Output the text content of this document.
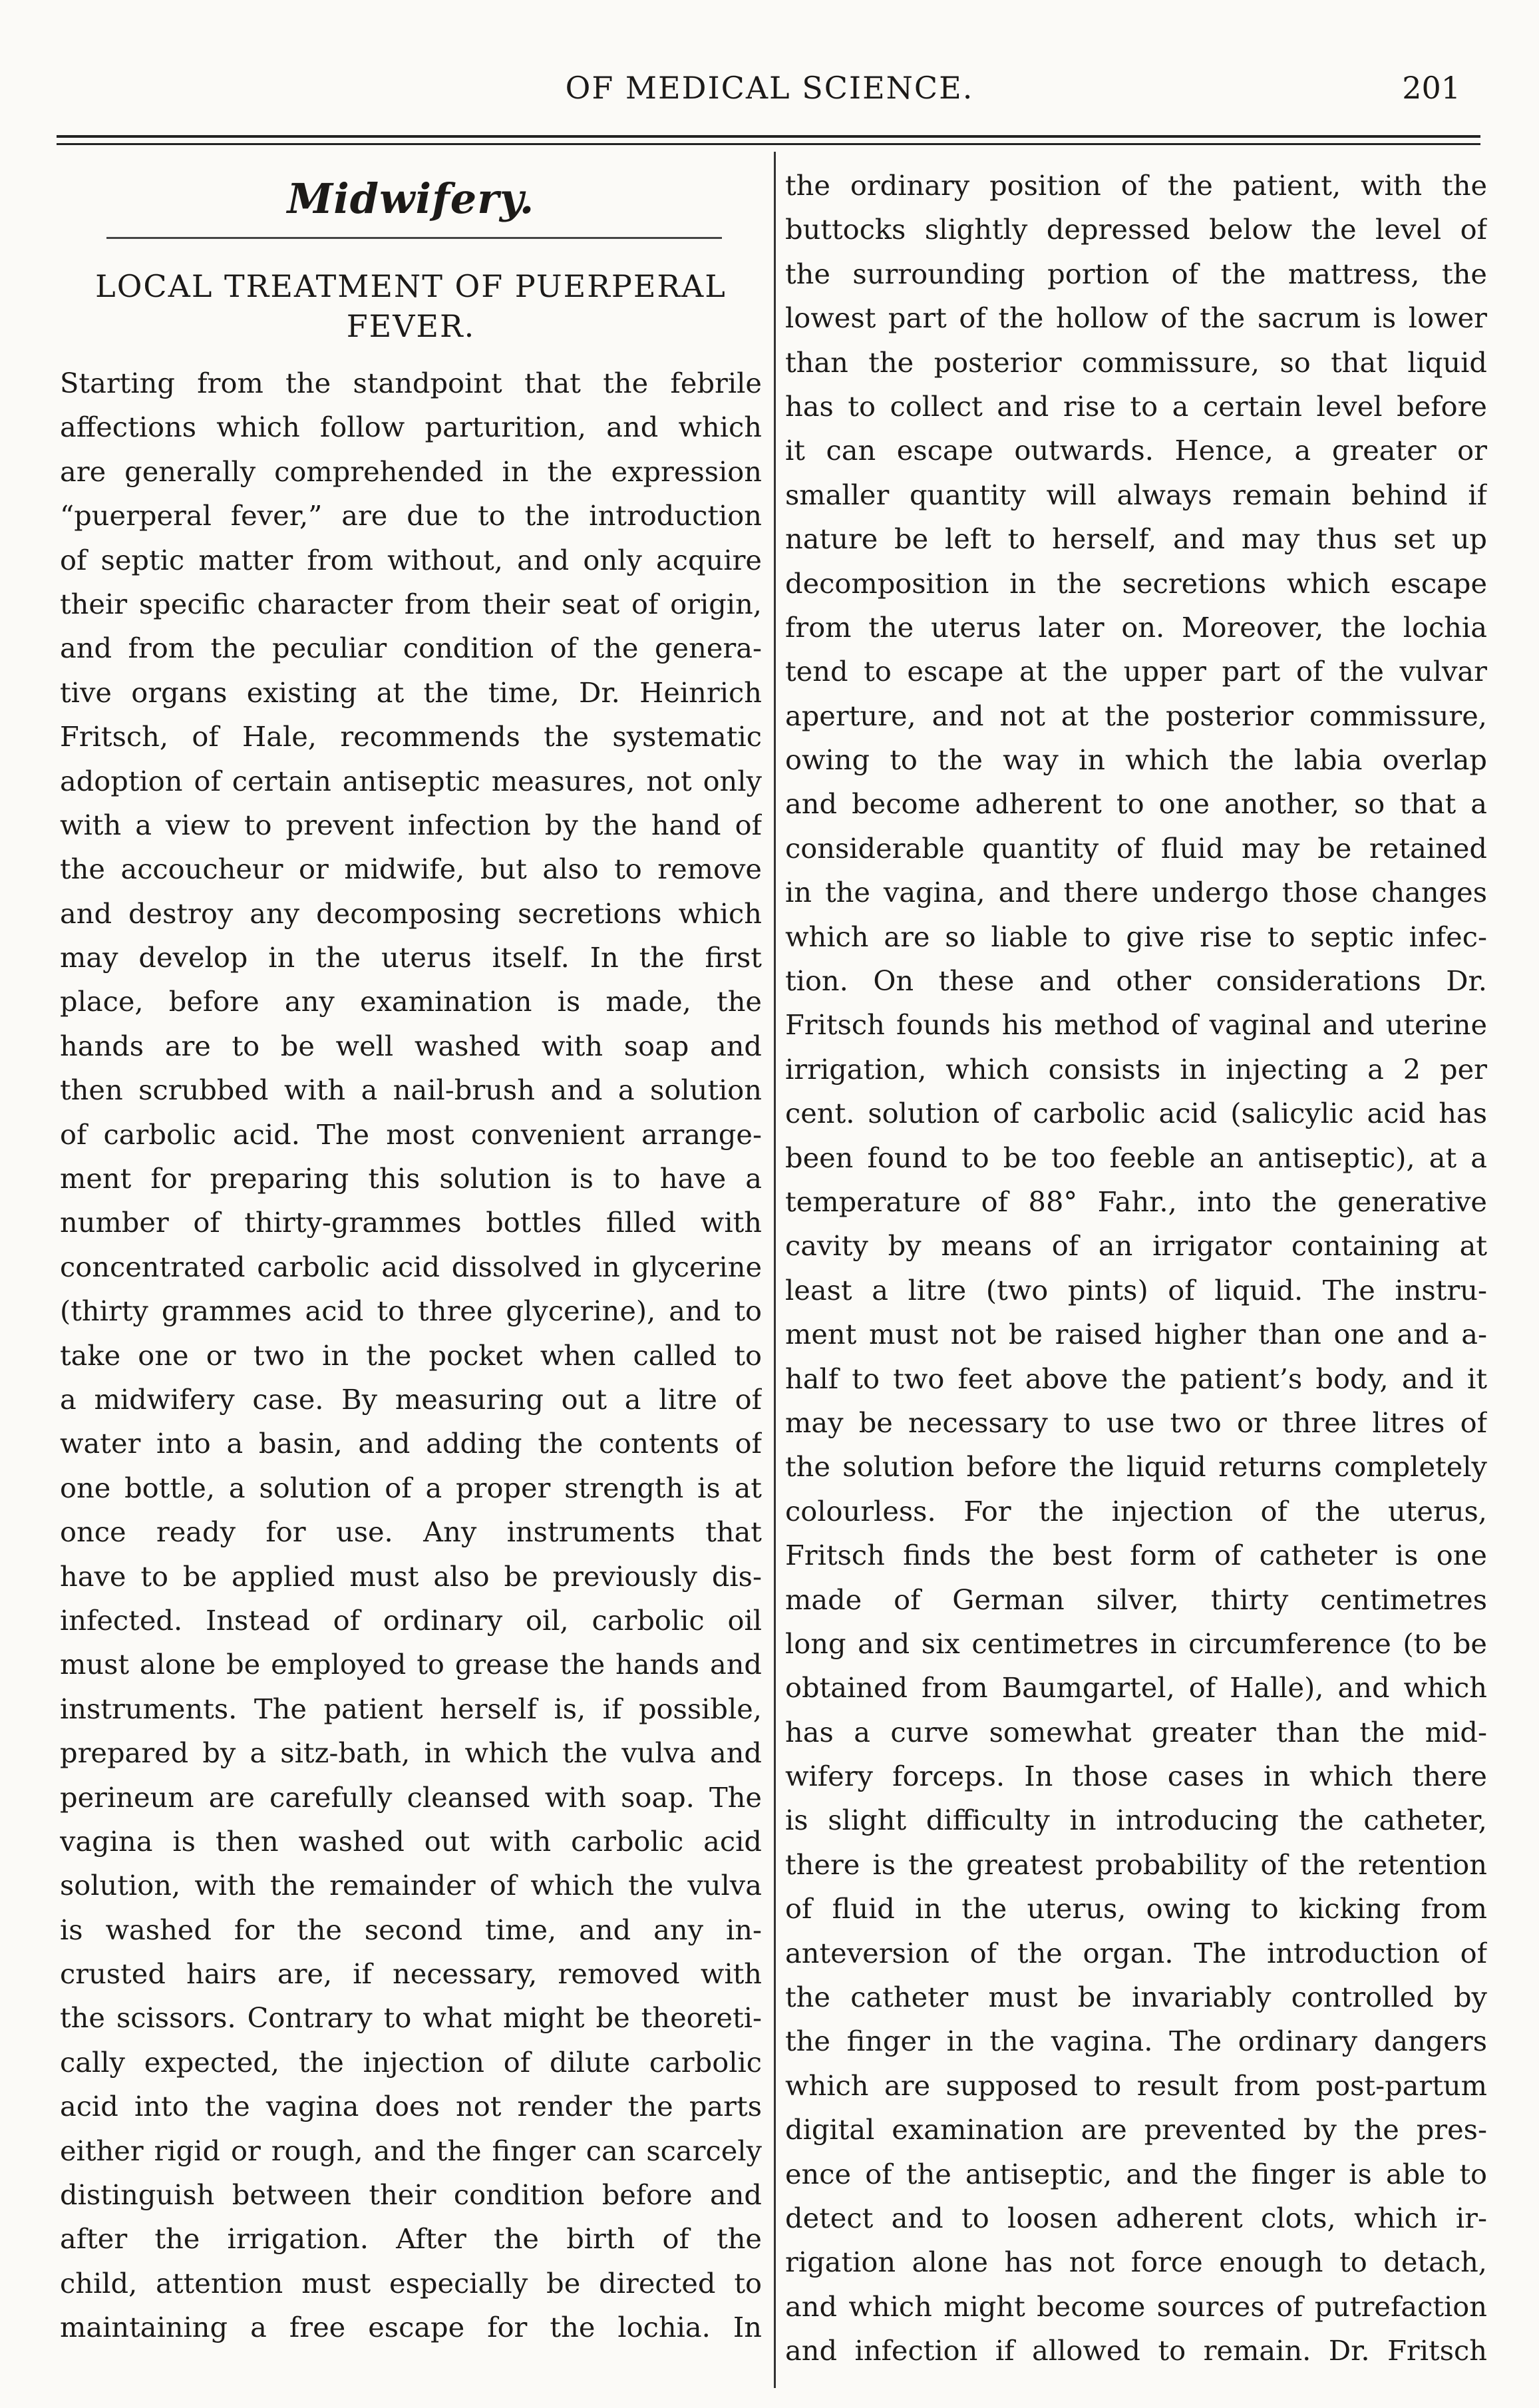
OF MEDICAL SCIENCE.	201
Midwifery.
LOCAL TREATMENT OF PUERPERAL
FEVER.
Starting from the standpoint that the febrile
affections which follow parturition, and which
are generally comprehended in the expression
“puerperal fever,” are due to the introduction
of septic matter from without, and only acquire
their specific character from their seat of origin,
and from the peculiar condition of the genera-
tive organs existing at the time, Dr. Heinrich
Fritsch, of Hale, recommends the systematic
adoption of certain antiseptic measures, not only
with a view to prevent infection by the hand of
the accoucheur or midwife, but also to remove
and destroy any decomposing secretions which
may develop in the uterus itself. In the first
place, before any examination is made, the
hands are to be well washed with soap and
then scrubbed with a nail-brush and a solution
of carbolic acid. The most convenient arrange-
ment for preparing this solution is to have a
number of thirty-grammes bottles filled with
concentrated carbolic acid dissolved in glycerine
(thirty grammes acid to three glycerine), and to
take one or two in the pocket when called to
a midwifery case. By measuring out a litre of
water into a basin, and adding the contents of
one bottle, a solution of a proper strength is at
once ready for use. Any instruments that
have to be applied must also be previously dis-
infected. Instead of ordinary oil, carbolic oil
must alone be employed to grease the hands and
instruments. The patient herself is, if possible,
prepared by a sitz-bath, in which the vulva and
perineum are carefully cleansed with soap. The
vagina is then washed out with carbolic acid
solution, with the remainder of which the vulva
is washed for the second time, and any in-
crusted hairs are, if necessary, removed with
the scissors. Contrary to what might be theoreti-
cally expected, the injection of dilute carbolic
acid into the vagina does not render the parts
either rigid or rough, and the finger can scarcely
distinguish between their condition before and
after the irrigation. After the birth of the
child, attention must especially be directed to
maintaining a free escape for the lochia. In
the ordinary position of the patient, with the
buttocks slightly depressed below the level of
the surrounding portion of the mattress, the
lowest part of the hollow of the sacrum is lower
than the posterior commissure, so that liquid
has to collect and rise to a certain level before
it can escape outwards. Hence, a greater or
smaller quantity will always remain behind if
nature be left to herself, and may thus set up
decomposition in the secretions which escape
from the uterus later on. Moreover, the lochia
tend to escape at the upper part of the vulvar
aperture, and not at the posterior commissure,
owing to the way in which the labia overlap
and become adherent to one another, so that a
considerable quantity of fluid may be retained
in the vagina, and there undergo those changes
which are so liable to give rise to septic infec-
tion. On these and other considerations Dr.
Fritsch founds his method of vaginal and uterine
irrigation, which consists in injecting a 2 per
cent. solution of carbolic acid (salicylic acid has
been found to be too feeble an antiseptic), at a
temperature of 88° Fahr., into the generative
cavity by means of an irrigator containing at
least a litre (two pints) of liquid. The instru-
ment must not be raised higher than one and a-
half to two feet above the patient’s body, and it
may be necessary to use two or three litres of
the solution before the liquid returns completely
colourless. For the injection of the uterus,
Fritsch finds the best form of catheter is one
made of German silver, thirty centimetres
long and six centimetres in circumference (to be
obtained from Baumgartel, of Halle), and which
has a curve somewhat greater than the mid-
wifery forceps. In those cases in which there
is slight difficulty in introducing the catheter,
there is the greatest probability of the retention
of fluid in the uterus, owing to kicking from
anteversion of the organ. The introduction of
the catheter must be invariably controlled by
the finger in the vagina. The ordinary dangers
which are supposed to result from post-partum
digital examination are prevented by the pres-
ence of the antiseptic, and the finger is able to
detect and to loosen adherent clots, which ir-
rigation alone has not force enough to detach,
and which might become sources of putrefaction
and infection if allowed to remain. Dr. Fritsch
